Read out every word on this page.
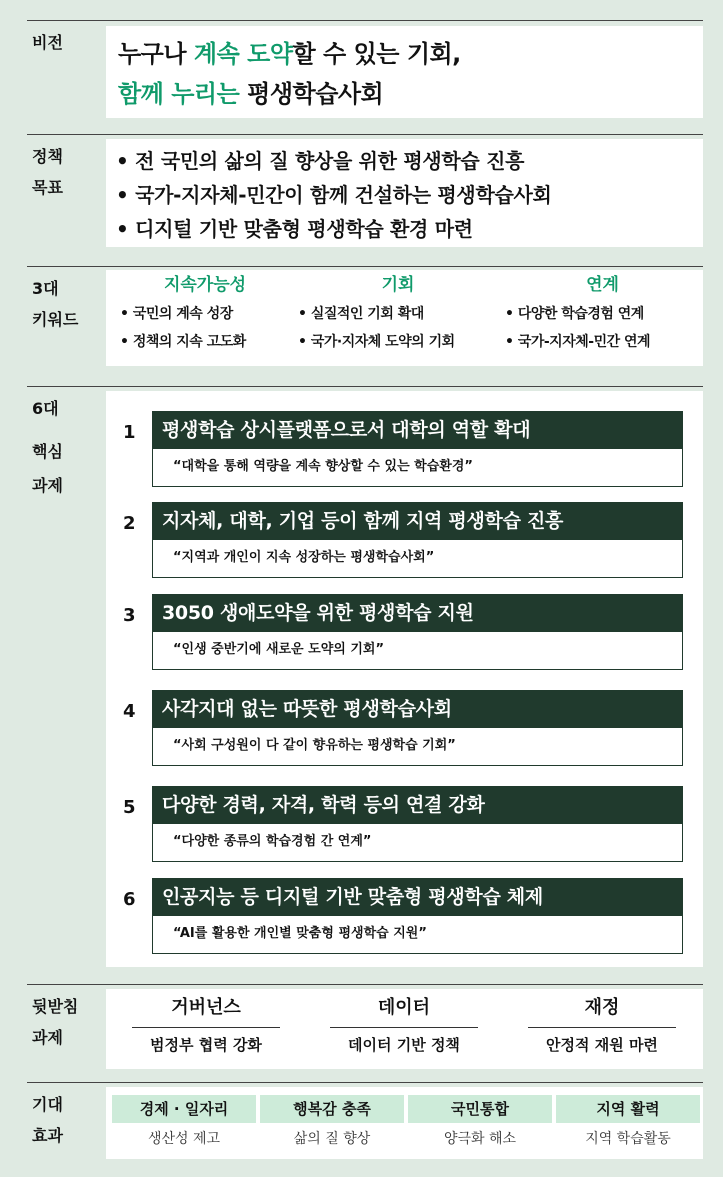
비전 누구나 계속 도약할 수 있는 기회,
함께 누리는 평생학습사회
정책
목표
• 전 국민의 삶의 질 향상을 위한 평생학습 진흥
• 국가-지자체-민간이 함께 건설하는 평생학습사회
• 디지털 기반 맞춤형 평생학습 환경 마련
3대
키워드
지속가능성
• 국민의 계속 성장
• 정책의 지속 고도화
기회
• 실질적인 기회 확대
• 국가·지자체 도약의 기회
연계
• 다양한 학습경험 연계
• 국가-지자체-민간 연계
6대
핵심
과제
1	평생학습 상시플랫폼으로서 대학의 역할 확대
“대학을 통해 역량을 계속 향상할 수 있는 학습환경”
2	지자체, 대학, 기업 등이 함께 지역 평생학습 진흥
“지역과 개인이 지속 성장하는 평생학습사회”
3	3050 생애도약을 위한 평생학습 지원
“인생 중반기에 새로운 도약의 기회”
4	사각지대 없는 따뜻한 평생학습사회
“사회 구성원이 다 같이 향유하는 평생학습 기회”
5	다양한 경력, 자격, 학력 등의 연결 강화
“다양한 종류의 학습경험 간 연계”
6	인공지능 등 디지털 기반 맞춤형 평생학습 체제
“AI를 활용한 개인별 맞춤형 평생학습 지원”
뒷받침
과제
거버넌스
범정부 협력 강화
데이터
데이터 기반 정책
재정
안정적 재원 마련
기대
효과
경제 · 일자리
생산성 제고
행복감 충족
삶의 질 향상
국민통합
양극화 해소
지역 활력
지역 학습활동
